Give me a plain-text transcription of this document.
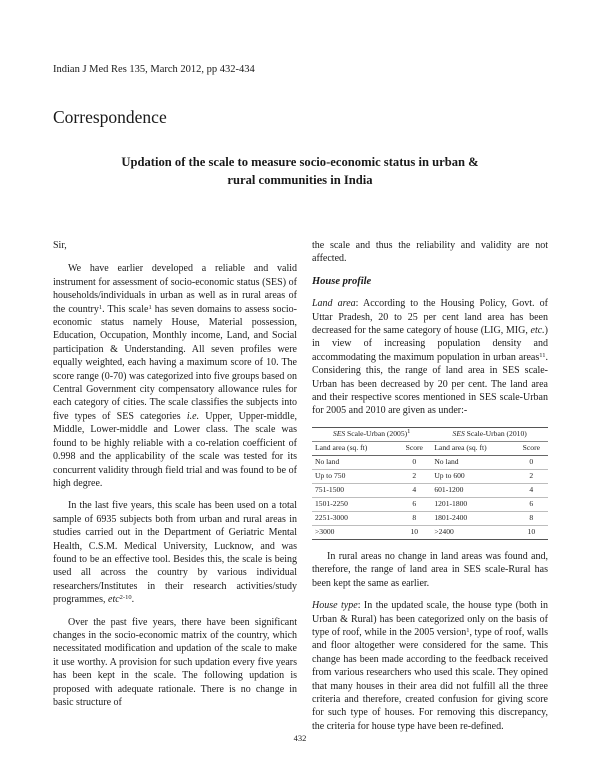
Indian J Med Res 135, March 2012, pp 432-434
Correspondence
Updation of the scale to measure socio-economic status in urban &
rural communities in India

Sir,

We have earlier developed a reliable and valid instrument for assessment of socio-economic status (SES) of households/individuals in urban as well as in rural areas of the country$^1$. This scale$^1$ has seven domains to assess socio-economic status namely House, Material possession, Education, Occupation, Monthly income, Land, and Social participation & Understanding. All seven profiles were equally weighted, each having a maximum score of 10. The score range (0-70) was categorized into five groups based on Central Government city compensatory allowance rules for each category of cities. The scale classifies the subjects into five types of SES categories i.e. Upper, Upper-middle, Middle, Lower-middle and Lower class. The scale was found to be highly reliable with a co-relation coefficient of 0.998 and the applicability of the scale was tested for its concurrent validity through field trial and was found to be of high degree.

In the last five years, this scale has been used on a total sample of 6935 subjects both from urban and rural areas in studies carried out in the Department of Geriatric Mental Health, C.S.M. Medical University, Lucknow, and was found to be an effective tool. Besides this, the scale is being used all across the country by various individual researchers/Institutes in their research activities/study programmes, etc$^{2-10}$.

Over the past five years, there have been significant changes in the socio-economic matrix of the country, which necessitated modification and updation of the scale to make it use worthy. A provision for such updation every five years has been kept in the scale. The following updation is proposed with adequate rationale. There is no change in basic structure of

the scale and thus the reliability and validity are not affected.

House profile

Land area: According to the Housing Policy, Govt. of Uttar Pradesh, 20 to 25 per cent land area has been decreased for the same category of house (LIG, MIG, etc.) in view of increasing population density and accommodating the maximum population in urban areas$^{11}$. Considering this, the range of land area in SES scale-Urban has been decreased by 20 per cent. The land area and their respective scores mentioned in SES scale-Urban for 2005 and 2010 are given as under:-

SES Scale-Urban $(2005)^1$		SES Scale-Urban (2010)	
Land area (sq. ft)	Score	Land area (sq. ft)	Score
No land	0	No land	0
Up to 750	2	Up to 600	2
751-1500	4	601-1200	4
1501-2250	6	1201-1800	6
2251-3000	8	1801-2400	8
>3000	10	>2400	10

In rural areas no change in land areas was found and, therefore, the range of land area in SES scale-Rural has been kept the same as earlier.

House type: In the updated scale, the house type (both in Urban & Rural) has been categorized only on the basis of type of roof, while in the 2005 version$^1$, type of roof, walls and floor altogether were considered for the same. This change has been made according to the feedback received from various researchers who used this scale. They opined that many houses in their area did not fulfill all the three criteria and therefore, created confusion for giving score for such type of houses. For removing this discrepancy, the criteria for house type have been re-defined.

432
